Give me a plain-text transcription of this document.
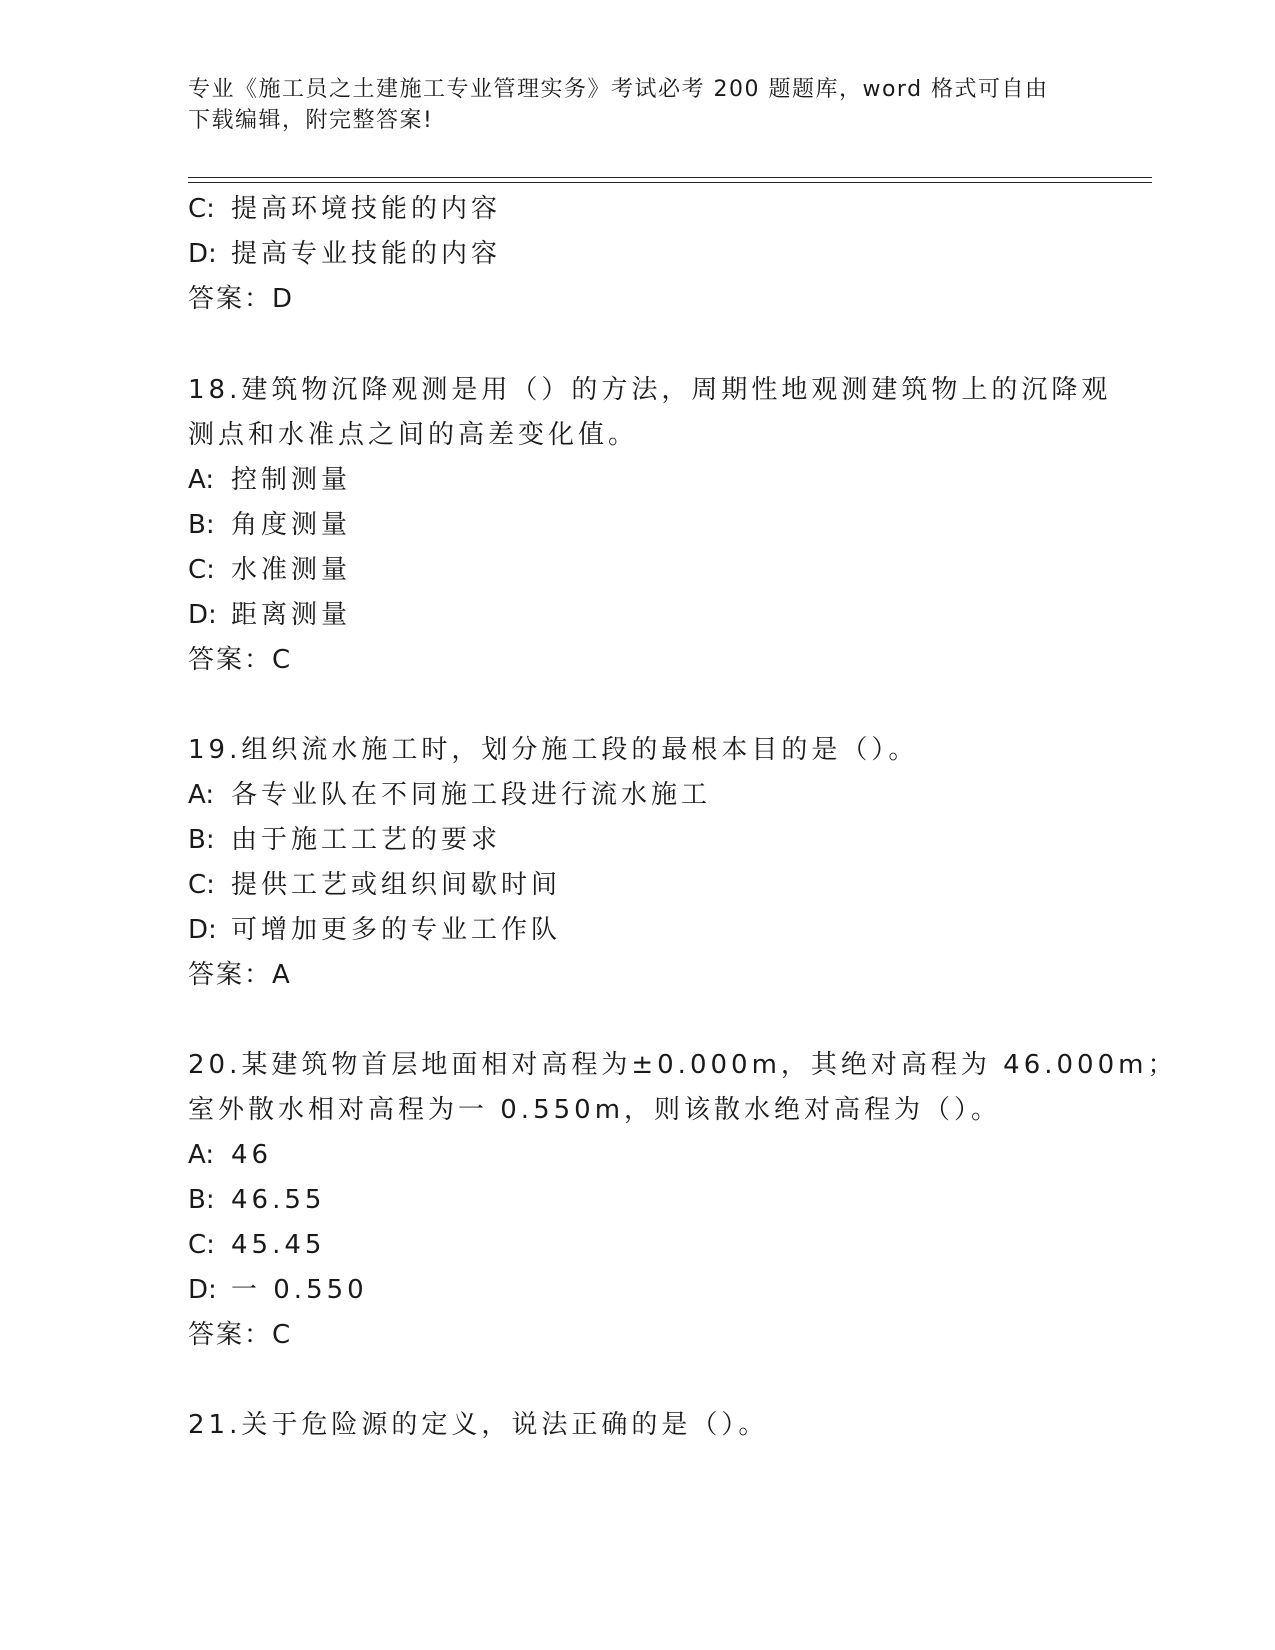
专业《施工员之土建施工专业管理实务》考试必考 200 题题库，word 格式可自由
下载编辑，附完整答案!
C: 提高环境技能的内容
D: 提高专业技能的内容
答案：D
18.建筑物沉降观测是用（）的方法，周期性地观测建筑物上的沉降观
测点和水准点之间的高差变化值。
A: 控制测量
B: 角度测量
C: 水准测量
D: 距离测量
答案：C
19.组织流水施工时，划分施工段的最根本目的是（）。
A: 各专业队在不同施工段进行流水施工
B: 由于施工工艺的要求
C: 提供工艺或组织间歇时间
D: 可增加更多的专业工作队
答案：A
20.某建筑物首层地面相对高程为±0.000m，其绝对高程为 46.000m；
室外散水相对高程为一 0.550m，则该散水绝对高程为（）。
A: 46
B: 46.55
C: 45.45
D: 一 0.550
答案：C
21.关于危险源的定义，说法正确的是（）。
